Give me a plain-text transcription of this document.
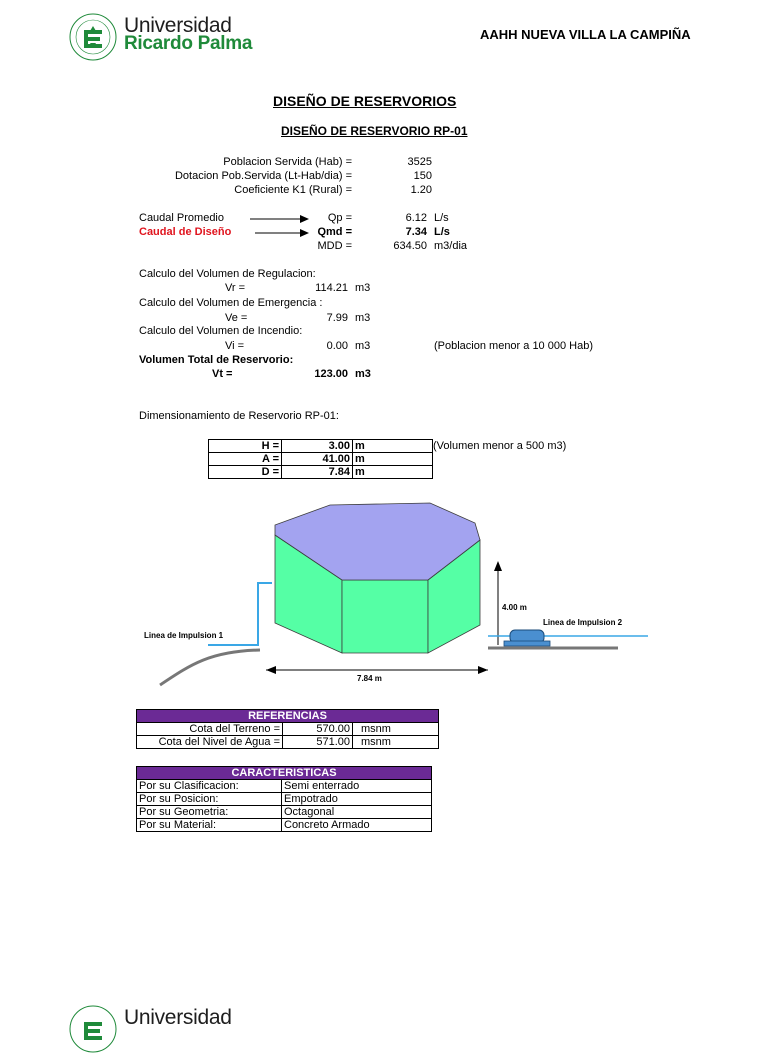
Universidad
Ricardo Palma	AAHH NUEVA VILLA LA CAMPIÑA
DISEÑO DE RESERVORIOS
DISEÑO DE RESERVORIO RP-01
Poblacion Servida (Hab) =	3525
Dotacion Pob.Servida (Lt-Hab/dia) =	150
Coeficiente K1 (Rural) =	1.20
Caudal Promedio	Qp =	6.12 L/s
Caudal de Diseño	Qmd =	7.34 L/s
MDD =	634.50 m3/dia
Calculo del Volumen de Regulacion:
Vr =	114.21 m3
Calculo del Volumen de Emergencia :
Ve =	7.99 m3
Calculo del Volumen de Incendio:
Vi =	0.00 m3	(Poblacion menor a 10 000 Hab)
Volumen Total de Reservorio:
Vt =	123.00 m3
Dimensionamiento de Reservorio RP-01:
H =	3.00	m
A =	41.00	m
D =	7.84	m
(Volumen menor a 500 m3)
4.00 m
7.84 m
Linea de Impulsion 1
Linea de Impulsion 2
REFERENCIAS		
Cota del Terreno =	570.00	msnm
Cota del Nivel de Agua =	571.00	msnm
CARACTERISTICAS	
Por su Clasificacion:	Semi enterrado
Por su Posicion:	Empotrado
Por su Geometria:	Octagonal
Por su Material:	Concreto Armado
Universidad
